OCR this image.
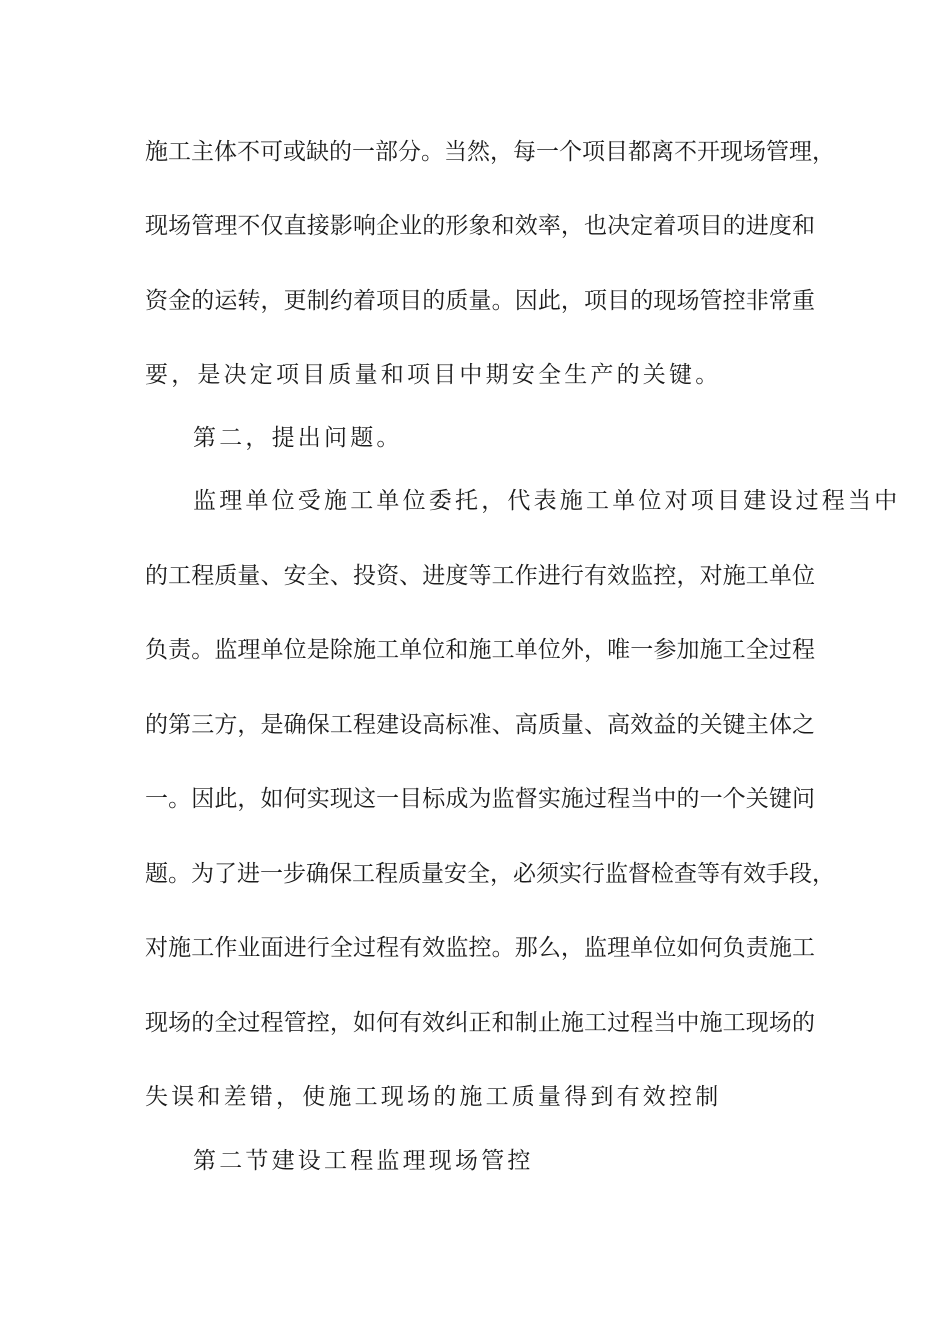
施工主体不可或缺的一部分。当然，每一个项目都离不开现场管理，
现场管理不仅直接影响企业的形象和效率，也决定着项目的进度和
资金的运转，更制约着项目的质量。因此，项目的现场管控非常重
要，是决定项目质量和项目中期安全生产的关键。
第二，提出问题。
监理单位受施工单位委托，代表施工单位对项目建设过程当中
的工程质量、安全、投资、进度等工作进行有效监控，对施工单位
负责。监理单位是除施工单位和施工单位外，唯一参加施工全过程
的第三方，是确保工程建设高标准、高质量、高效益的关键主体之
一。因此，如何实现这一目标成为监督实施过程当中的一个关键问
题。为了进一步确保工程质量安全，必须实行监督检查等有效手段，
对施工作业面进行全过程有效监控。那么，监理单位如何负责施工
现场的全过程管控，如何有效纠正和制止施工过程当中施工现场的
失误和差错，使施工现场的施工质量得到有效控制
第二节建设工程监理现场管控
